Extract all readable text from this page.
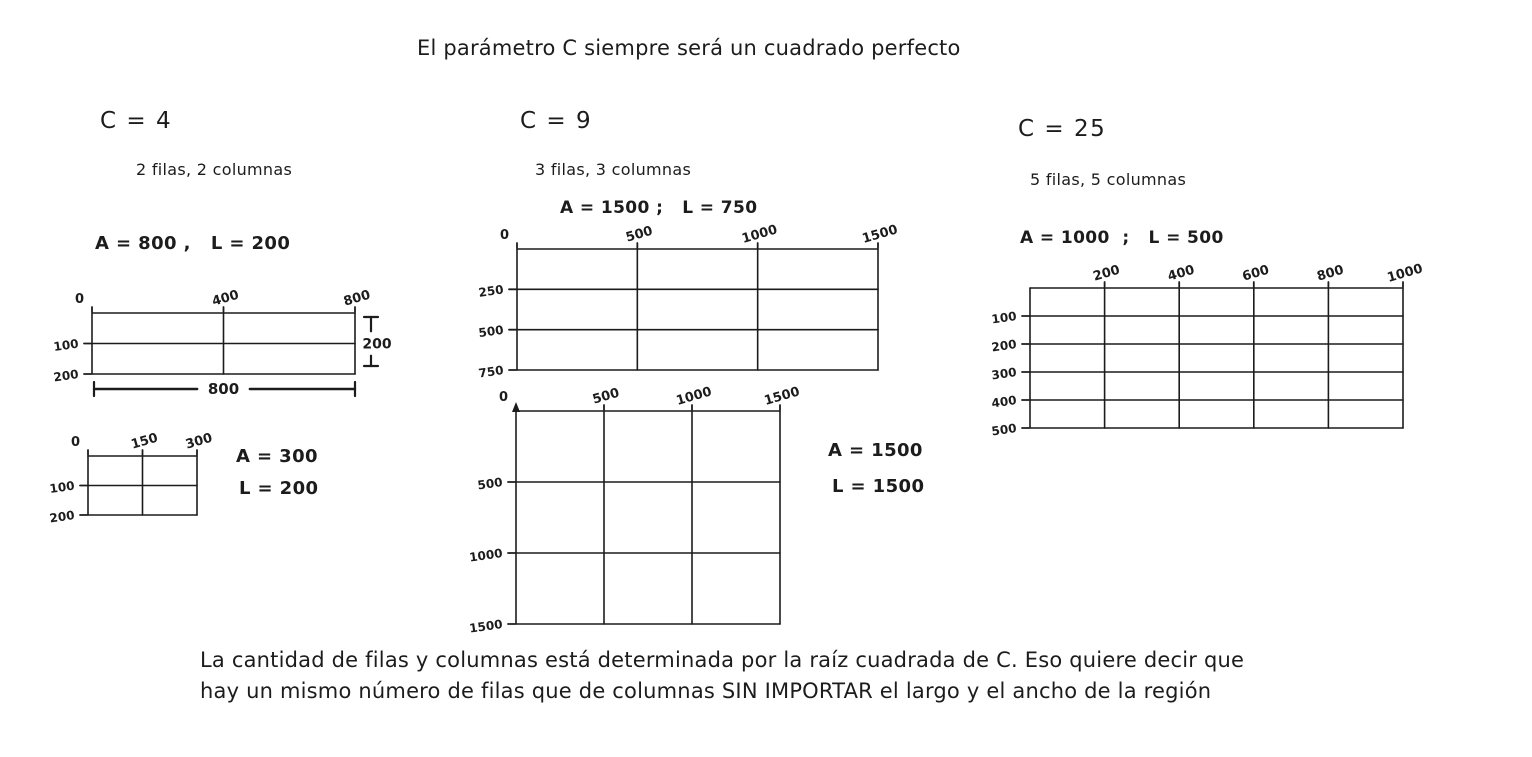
El parámetro C siempre será un cuadrado perfecto
C = 4
2 filas, 2 columnas
A = 800 ,   L = 200
0	400	800
100
200
800
200
0	150 300
100
200
A = 300
L = 200
C = 9
3 filas, 3 columnas
A = 1500 ;   L = 750
0	500	1000	1500
250
500
750
0	500	1000	1500
500
1000
1500
A = 1500
L = 1500
C = 25
5 filas, 5 columnas
A = 1000  ;   L = 500
200	400	600	800	1000
100
200
300
400
500
La cantidad de filas y columnas está determinada por la raíz cuadrada de C. Eso quiere decir que
hay un mismo número de filas que de columnas SIN IMPORTAR el largo y el ancho de la región
